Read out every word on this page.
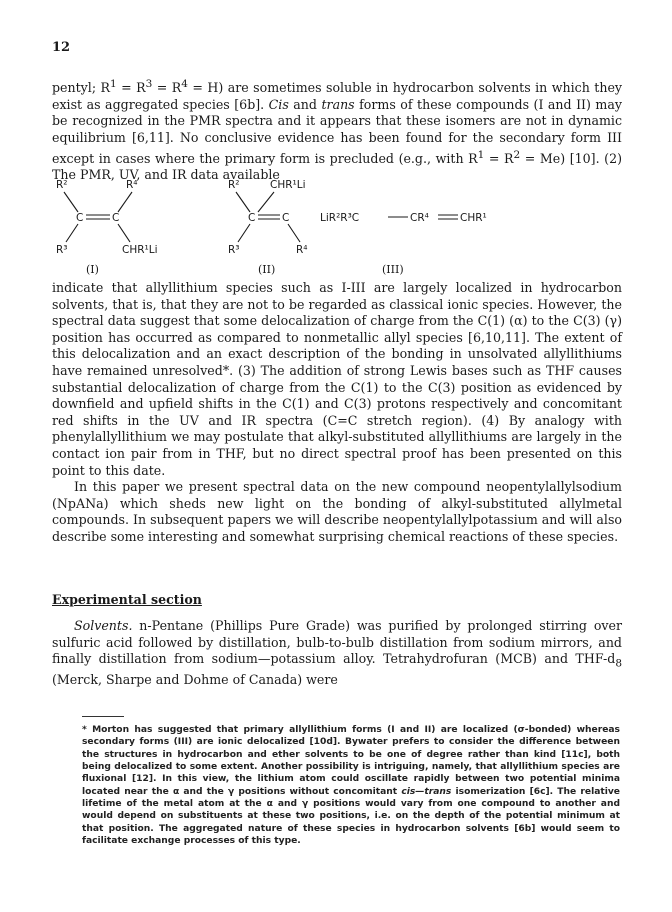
12

pentyl; $R^1 = R^3 = R^4 = H$) are sometimes soluble in hydrocarbon solvents in which they exist as aggregated species [6b]. Cis and trans forms of these compounds (I and II) may be recognized in the PMR spectra and it appears that these isomers are not in dynamic equilibrium [6,11]. No conclusive evidence has been found for the secondary form III except in cases where the primary form is precluded (e.g., with $R^1 = R^2 = Me$) [10]. (2) The PMR, UV, and IR data available

R²	R⁴
C	C
R³	CHR¹Li
(I)
R²	CHR¹Li
C	C
R³	R⁴
(II)
LiR²R³C	CR⁴	CHR¹
(III)

indicate that allyllithium species such as I-III are largely localized in hydrocarbon solvents, that is, that they are not to be regarded as classical ionic species. However, the spectral data suggest that some delocalization of charge from the C(1) (α) to the C(3) (γ) position has occurred as compared to nonmetallic allyl species [6,10,11]. The extent of this delocalization and an exact description of the bonding in unsolvated allyllithiums have remained unresolved*. (3) The addition of strong Lewis bases such as THF causes substantial delocalization of charge from the C(1) to the C(3) position as evidenced by downfield and upfield shifts in the C(1) and C(3) protons respectively and concomitant red shifts in the UV and IR spectra (C=C stretch region). (4) By analogy with phenylallyllithium we may postulate that alkyl-substituted allyllithiums are largely in the contact ion pair from in THF, but no direct spectral proof has been presented on this point to this date.

In this paper we present spectral data on the new compound neopentylallylsodium (NpANa) which sheds new light on the bonding of alkyl-substituted allylmetal compounds. In subsequent papers we will describe neopentylallylpotassium and will also describe some interesting and somewhat surprising chemical reactions of these species.

Experimental section

Solvents. n-Pentane (Phillips Pure Grade) was purified by prolonged stirring over sulfuric acid followed by distillation, bulb-to-bulb distillation from sodium mirrors, and finally distillation from sodium—potassium alloy. Tetrahydrofuran (MCB) and THF-$d_8$ (Merck, Sharpe and Dohme of Canada) were

* Morton has suggested that primary allyllithium forms (I and II) are localized (σ-bonded) whereas secondary forms (III) are ionic delocalized [10d]. Bywater prefers to consider the difference between the structures in hydrocarbon and ether solvents to be one of degree rather than kind [11c], both being delocalized to some extent. Another possibility is intriguing, namely, that allyllithium species are fluxional [12]. In this view, the lithium atom could oscillate rapidly between two potential minima located near the α and the γ positions without concomitant cis—trans isomerization [6c]. The relative lifetime of the metal atom at the α and γ positions would vary from one compound to another and would depend on substituents at these two positions, i.e. on the depth of the potential minimum at that position. The aggregated nature of these species in hydrocarbon solvents [6b] would seem to facilitate exchange processes of this type.
